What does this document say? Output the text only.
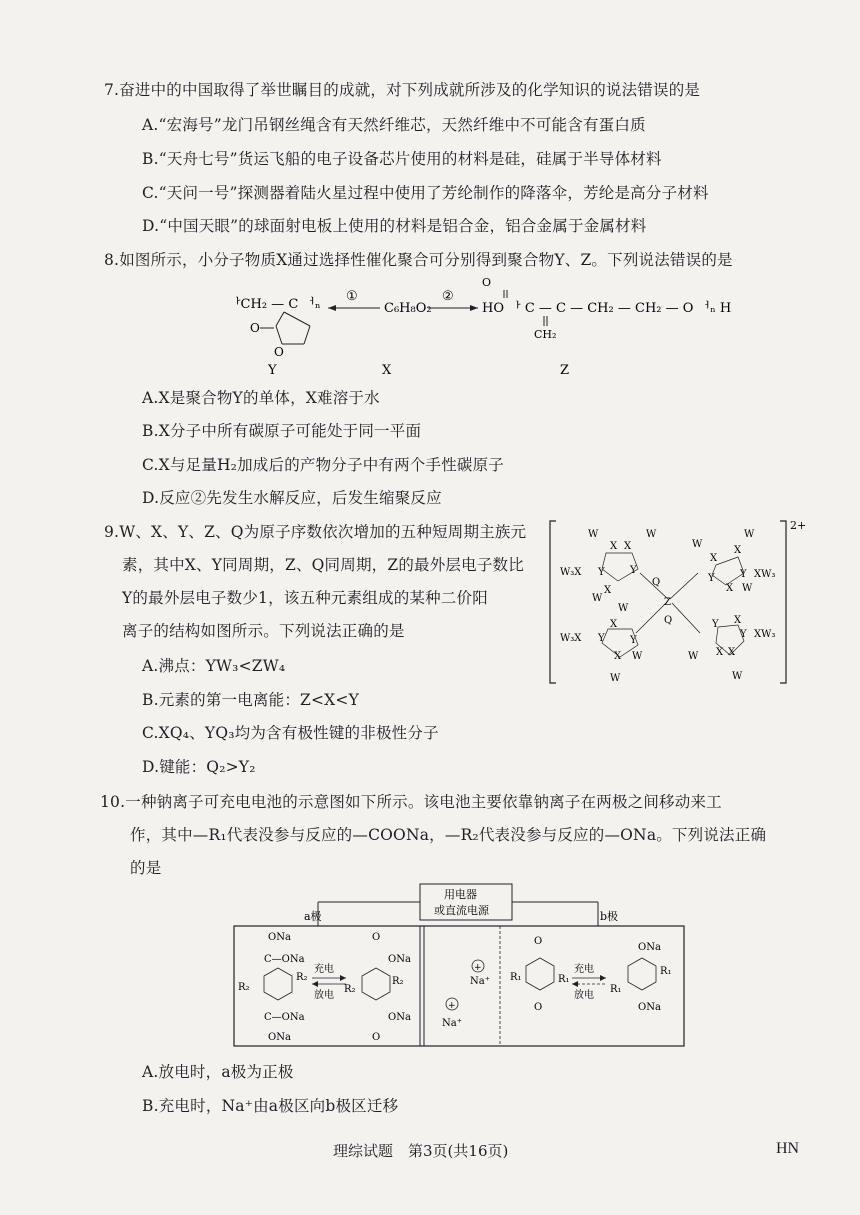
7.奋进中的中国取得了举世瞩目的成就，对下列成就所涉及的化学知识的说法错误的是
A.“宏海号”龙门吊钢丝绳含有天然纤维芯，天然纤维中不可能含有蛋白质
B.“天舟七号”货运飞船的电子设备芯片使用的材料是硅，硅属于半导体材料
C.“天问一号”探测器着陆火星过程中使用了芳纶制作的降落伞，芳纶是高分子材料
D.“中国天眼”的球面射电板上使用的材料是铝合金，铝合金属于金属材料
8.如图所示，小分子物质X通过选择性催化聚合可分别得到聚合物Y、Z。下列说法错误的是
ᅡCH₂ — C ᅥₙ
O
O
①
C₆H₈O₂
②
O
HO ᅡ C — C — CH₂ — CH₂ — O ᅥₙ H
CH₂
Y	X	Z
A.X是聚合物Y的单体，X难溶于水
B.X分子中所有碳原子可能处于同一平面
C.X与足量H₂加成后的产物分子中有两个手性碳原子
D.反应②先发生水解反应，后发生缩聚反应
9.W、X、Y、Z、Q为原子序数依次增加的五种短周期主族元
素，其中X、Y同周期，Z、Q同周期，Z的最外层电子数比
Y的最外层电子数少1，该五种元素组成的某种二价阳
离子的结构如图所示。下列说法正确的是
2+
Z
Q
Q
W	W
X X
W₃X Y	Y
X
W
W
W
X
X
Y	Y XW₃
X W
W
X
W₃X Y	Y
X W
W
Y X
Y XW₃
W X X
W
A.沸点：YW₃<ZW₄
B.元素的第一电离能：Z<X<Y
C.XQ₄、YQ₃均为含有极性键的非极性分子
D.键能：Q₂>Y₂
10.一种钠离子可充电电池的示意图如下所示。该电池主要依靠钠离子在两极之间移动来工
作，其中—R₁代表没参与反应的—COONa，—R₂代表没参与反应的—ONa。下列说法正确
的是
用电器
或直流电源
a极	b极
ONa
C—ONa
R₂
R₂
C—ONa
ONa
充电
放电
O
ONa
R₂
R₂
O
ONa
+
Na⁺
+
Na⁺
O
R₁	R₁
O
充电
放电
ONa
R₁
R₁
ONa
A.放电时，a极为正极
B.充电时，Na⁺由a极区向b极区迁移
理综试题　第3页(共16页)	HN
